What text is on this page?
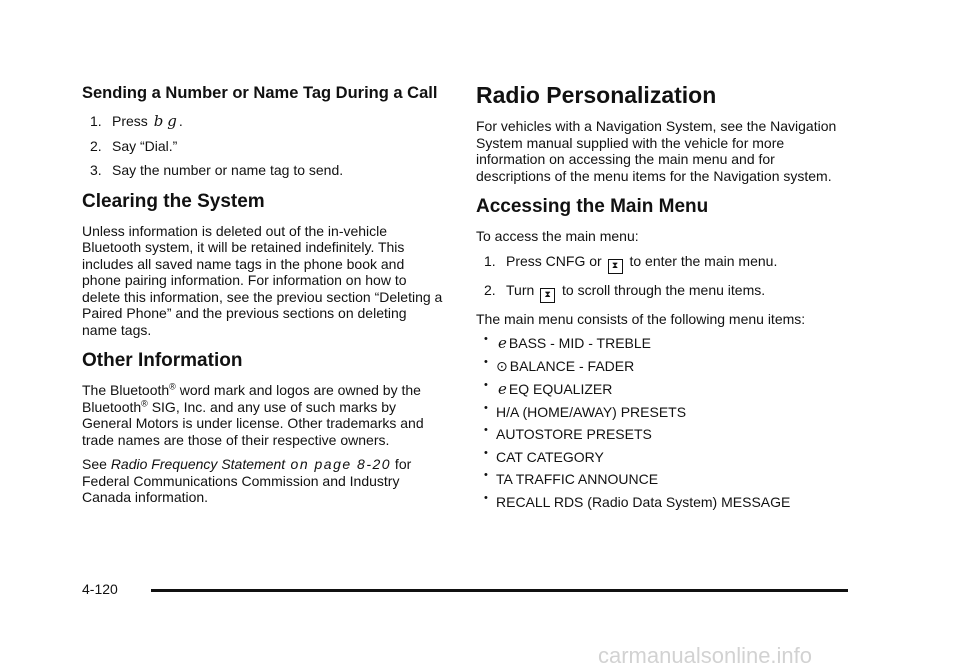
Sending a Number or Name Tag During a Call
1. Press b g .
2. Say “Dial.”
3. Say the number or name tag to send.
Clearing the System

Unless information is deleted out of the in-vehicle Bluetooth system, it will be retained indefinitely. This includes all saved name tags in the phone book and phone pairing information. For information on how to delete this information, see the previou section “Deleting a Paired Phone” and the previous sections on deleting name tags.

Other Information

The Bluetooth® word mark and logos are owned by the Bluetooth® SIG, Inc. and any use of such marks by General Motors is under license. Other trademarks and trade names are those of their respective owners.

See Radio Frequency Statement on page 8-20 for Federal Communications Commission and Industry Canada information.

Radio Personalization

For vehicles with a Navigation System, see the Navigation System manual supplied with the vehicle for more information on accessing the main menu and for descriptions of the menu items for the Navigation system.

Accessing the Main Menu

To access the main menu:

1. Press CNFG or ⧗ to enter the main menu.
2. Turn ⧗ to scroll through the menu items.

The main menu consists of the following menu items:

• e BASS - MID - TREBLE
• ⊙ BALANCE - FADER
• e EQ EQUALIZER
• H/A (HOME/AWAY) PRESETS
• AUTOSTORE PRESETS
• CAT CATEGORY
• TA TRAFFIC ANNOUNCE
• RECALL RDS (Radio Data System) MESSAGE
4-120
carmanualsonline.info
